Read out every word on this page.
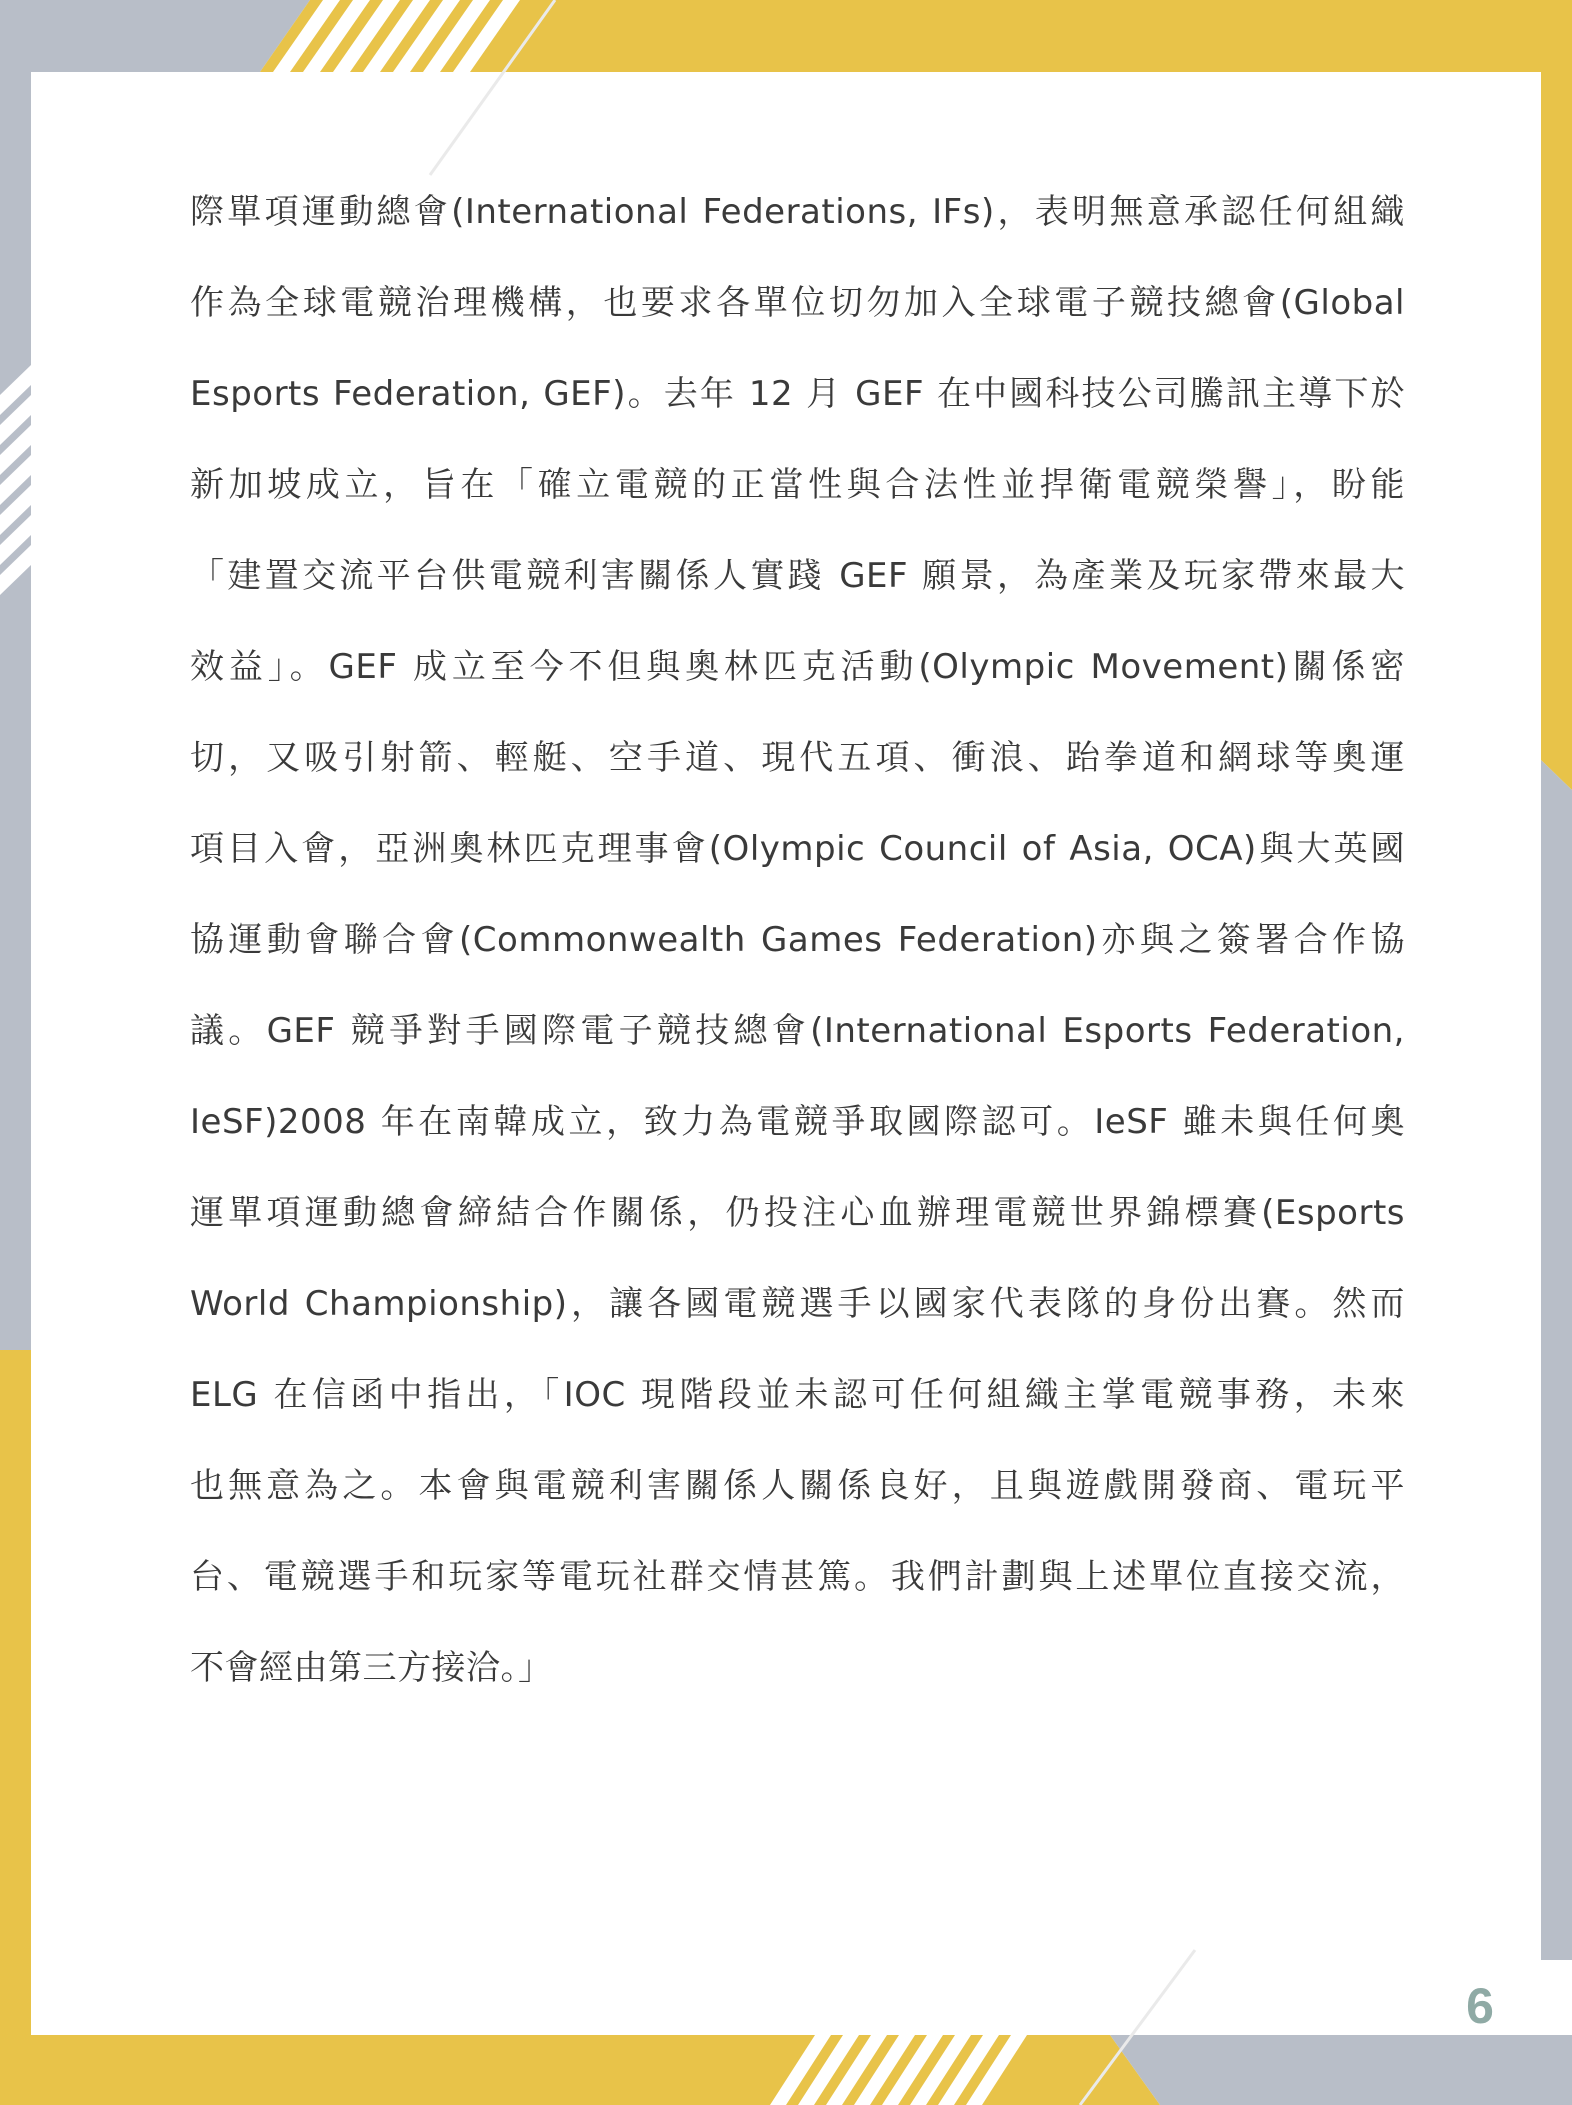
際單項運動總會(International Federations, IFs)，表明無意承認任何組織
作為全球電競治理機構，也要求各單位切勿加入全球電子競技總會(Global
Esports Federation, GEF)。去年 12 月 GEF 在中國科技公司騰訊主導下於
新加坡成立，旨在「確立電競的正當性與合法性並捍衛電競榮譽」，盼能
「建置交流平台供電競利害關係人實踐 GEF 願景，為產業及玩家帶來最大
效益」。GEF 成立至今不但與奧林匹克活動(Olympic Movement)關係密
切，又吸引射箭、輕艇、空手道、現代五項、衝浪、跆拳道和網球等奧運
項目入會，亞洲奧林匹克理事會(Olympic Council of Asia, OCA)與大英國
協運動會聯合會(Commonwealth Games Federation)亦與之簽署合作協
議。GEF 競爭對手國際電子競技總會(International Esports Federation,
IeSF)2008 年在南韓成立，致力為電競爭取國際認可。IeSF 雖未與任何奧
運單項運動總會締結合作關係，仍投注心血辦理電競世界錦標賽(Esports
World Championship)，讓各國電競選手以國家代表隊的身份出賽。然而
ELG 在信函中指出，「IOC 現階段並未認可任何組織主掌電競事務，未來
也無意為之。本會與電競利害關係人關係良好，且與遊戲開發商、電玩平
台、電競選手和玩家等電玩社群交情甚篤。我們計劃與上述單位直接交流，
不會經由第三方接洽。」
6
